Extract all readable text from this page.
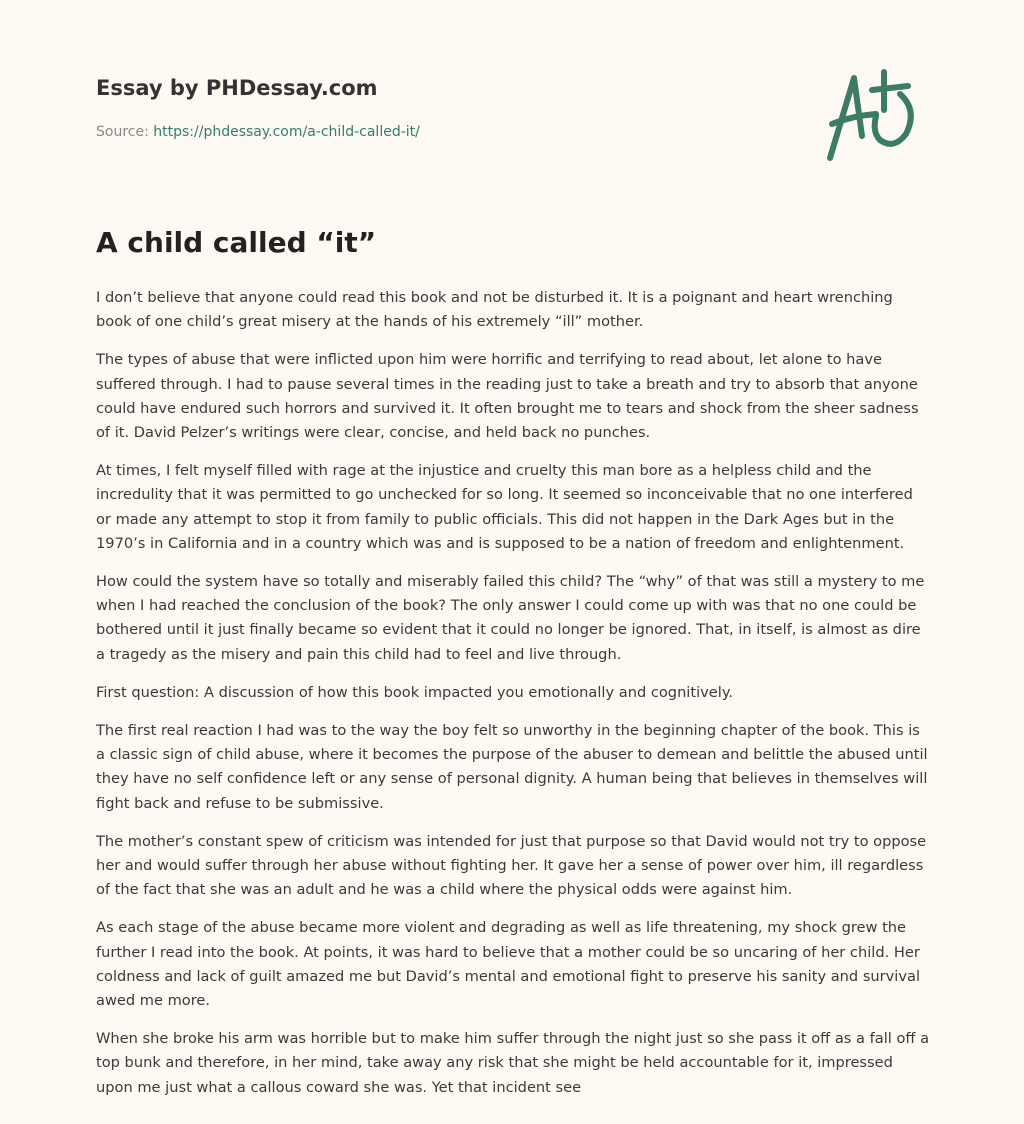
Essay by PHDessay.com
Source: https://phdessay.com/a-child-called-it/
A child called “it”

I don’t believe that anyone could read this book and not be disturbed it. It is a poignant and heart wrenching book of one child’s great misery at the hands of his extremely “ill” mother.

The types of abuse that were inflicted upon him were horrific and terrifying to read about, let alone to have suffered through. I had to pause several times in the reading just to take a breath and try to absorb that anyone could have endured such horrors and survived it. It often brought me to tears and shock from the sheer sadness of it. David Pelzer’s writings were clear, concise, and held back no punches.

At times, I felt myself filled with rage at the injustice and cruelty this man bore as a helpless child and the incredulity that it was permitted to go unchecked for so long. It seemed so inconceivable that no one interfered or made any attempt to stop it from family to public officials. This did not happen in the Dark Ages but in the 1970’s in California and in a country which was and is supposed to be a nation of freedom and enlightenment.

How could the system have so totally and miserably failed this child? The “why” of that was still a mystery to me when I had reached the conclusion of the book? The only answer I could come up with was that no one could be bothered until it just finally became so evident that it could no longer be ignored. That, in itself, is almost as dire a tragedy as the misery and pain this child had to feel and live through.

First question: A discussion of how this book impacted you emotionally and cognitively.

The first real reaction I had was to the way the boy felt so unworthy in the beginning chapter of the book. This is a classic sign of child abuse, where it becomes the purpose of the abuser to demean and belittle the abused until they have no self confidence left or any sense of personal dignity. A human being that believes in themselves will fight back and refuse to be submissive.

The mother’s constant spew of criticism was intended for just that purpose so that David would not try to oppose her and would suffer through her abuse without fighting her. It gave her a sense of power over him, ill regardless of the fact that she was an adult and he was a child where the physical odds were against him.

As each stage of the abuse became more violent and degrading as well as life threatening, my shock grew the further I read into the book. At points, it was hard to believe that a mother could be so uncaring of her child. Her coldness and lack of guilt amazed me but David’s mental and emotional fight to preserve his sanity and survival awed me more.

When she broke his arm was horrible but to make him suffer through the night just so she pass it off as a fall off a top bunk and therefore, in her mind, take away any risk that she might be held accountable for it, impressed upon me just what a callous coward she was. Yet that incident see
